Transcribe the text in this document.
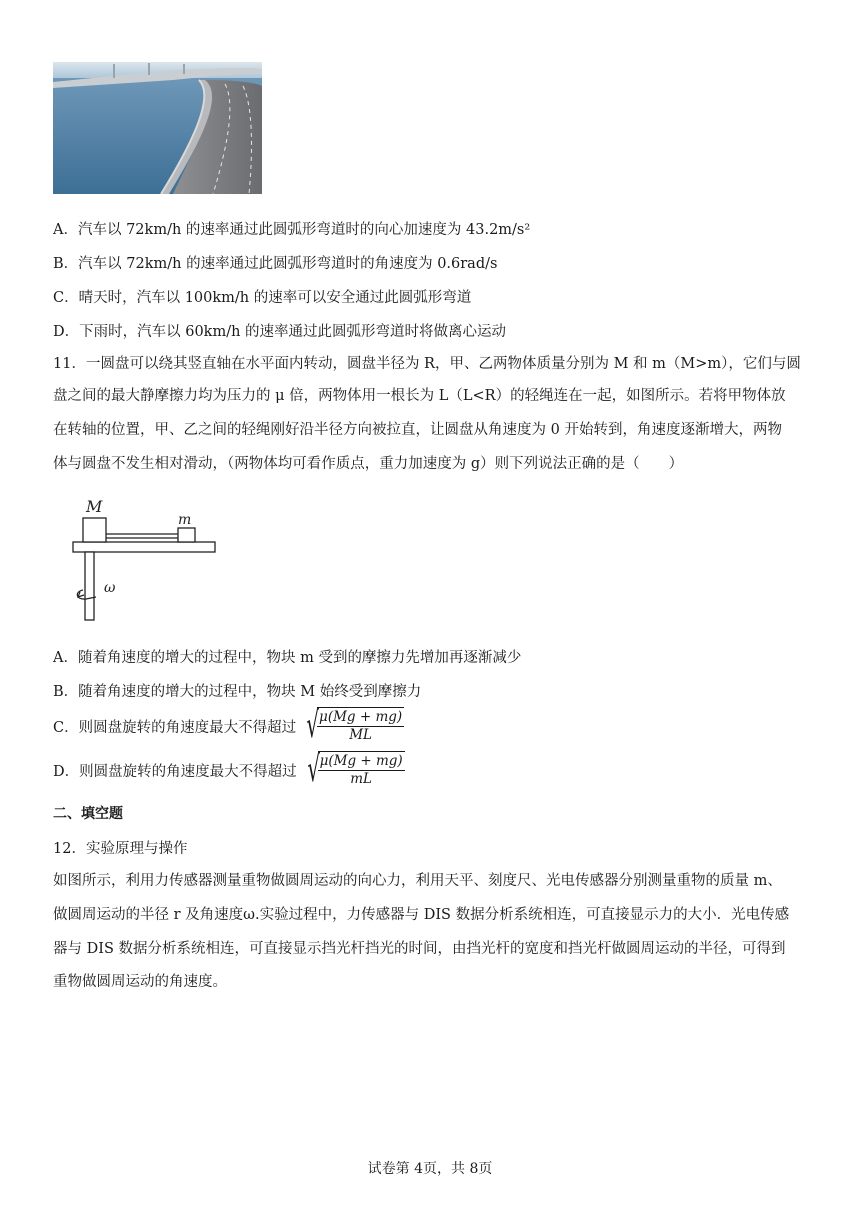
A．汽车以 72km/h 的速率通过此圆弧形弯道时的向心加速度为 43.2m/s²
B．汽车以 72km/h 的速率通过此圆弧形弯道时的角速度为 0.6rad/s
C．晴天时，汽车以 100km/h 的速率可以安全通过此圆弧形弯道
D．下雨时，汽车以 60km/h 的速率通过此圆弧形弯道时将做离心运动
11．一圆盘可以绕其竖直轴在水平面内转动，圆盘半径为 R，甲、乙两物体质量分别为 M 和 m（M>m），它们与圆
盘之间的最大静摩擦力均为压力的 μ 倍，两物体用一根长为 L（L<R）的轻绳连在一起，如图所示。若将甲物体放
在转轴的位置，甲、乙之间的轻绳刚好沿半径方向被拉直，让圆盘从角速度为 0 开始转到，角速度逐渐增大，两物
体与圆盘不发生相对滑动，（两物体均可看作质点，重力加速度为 g）则下列说法正确的是（　　）
M
m
ω
A．随着角速度的增大的过程中，物块 m 受到的摩擦力先增加再逐渐减少
B．随着角速度的增大的过程中，物块 M 始终受到摩擦力
C．则圆盘旋转的角速度最大不得超过 √
$\frac{\mu(Mg + mg)}{ML}$
D．则圆盘旋转的角速度最大不得超过 √
$\frac{\mu(Mg + mg)}{mL}$
二、填空题
12．实验原理与操作
如图所示，利用力传感器测量重物做圆周运动的向心力，利用天平、刻度尺、光电传感器分别测量重物的质量 m、
做圆周运动的半径 r 及角速度ω.实验过程中，力传感器与 DIS 数据分析系统相连，可直接显示力的大小．光电传感
器与 DIS 数据分析系统相连，可直接显示挡光杆挡光的时间，由挡光杆的宽度和挡光杆做圆周运动的半径，可得到
重物做圆周运动的角速度。
试卷第 4页，共 8页
